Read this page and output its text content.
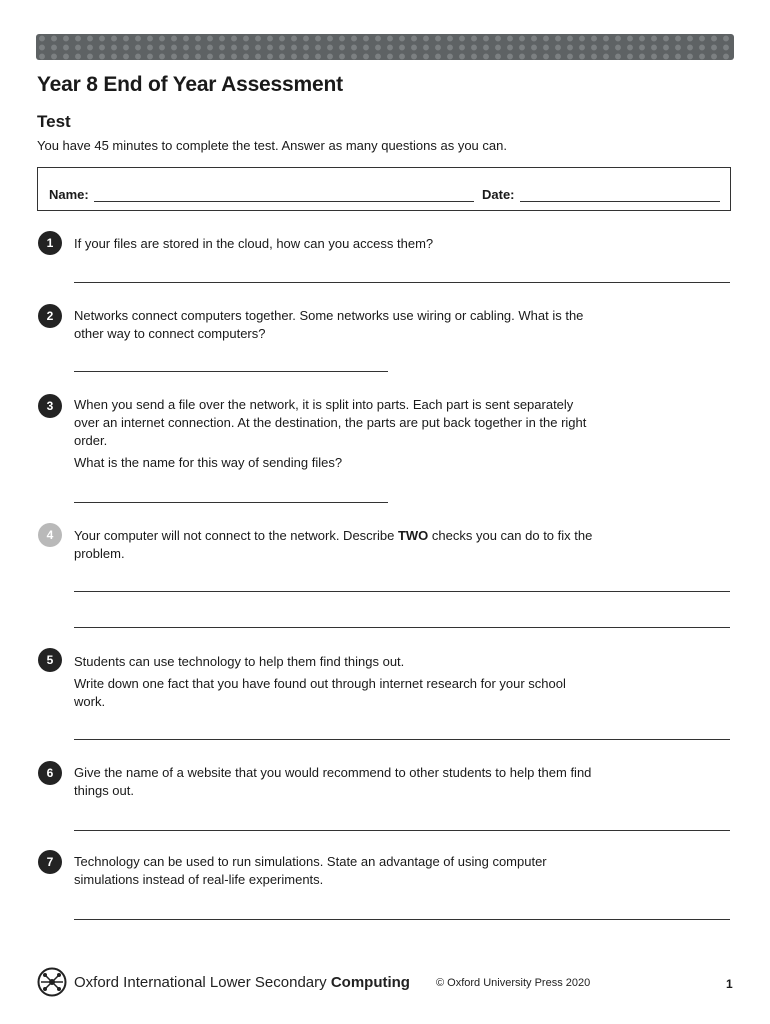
Year 8 End of Year Assessment
Test
You have 45 minutes to complete the test. Answer as many questions as you can.
Name:	Date:
1	If your files are stored in the cloud, how can you access them?

2	Networks connect computers together. Some networks use wiring or cabling. What is the other way to connect computers?

3	When you send a file over the network, it is split into parts. Each part is sent separately over an internet connection. At the destination, the parts are put back together in the right order.

What is the name for this way of sending files?

4	Your computer will not connect to the network. Describe TWO checks you can do to fix the problem.

5	Students can use technology to help them find things out.

Write down one fact that you have found out through internet research for your school work.

6	Give the name of a website that you would recommend to other students to help them find things out.

7	Technology can be used to run simulations. State an advantage of using computer simulations instead of real-life experiments.

Oxford International Lower Secondary Computing © Oxford University Press 2020	1
